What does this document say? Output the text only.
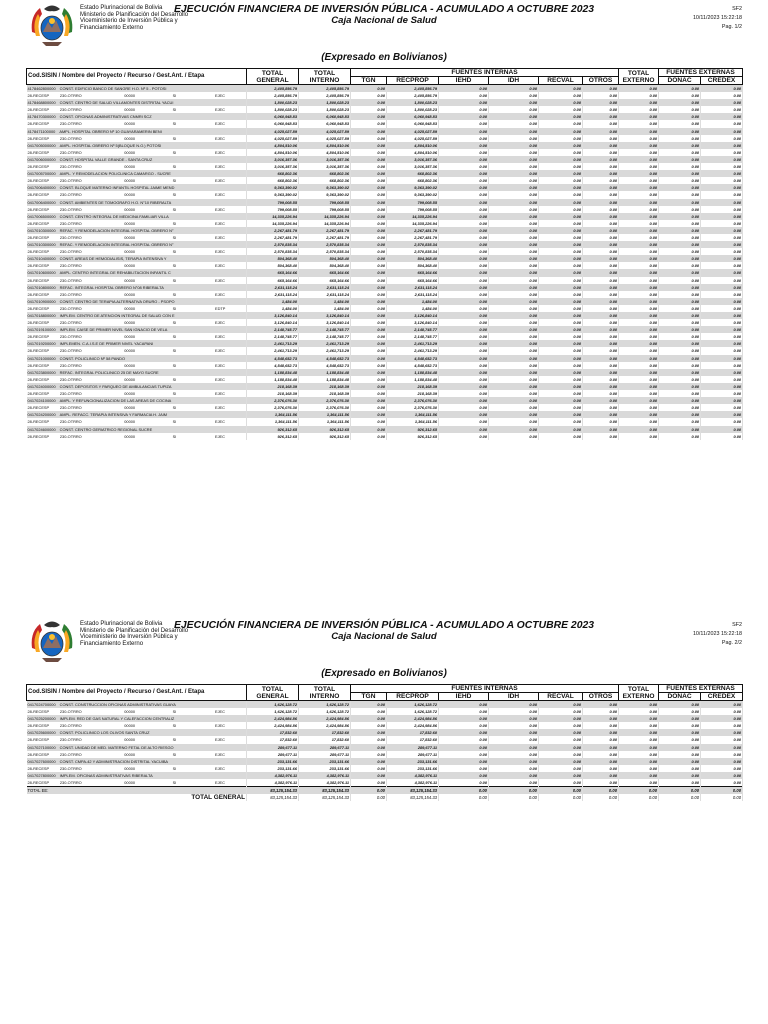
Estado Plurinacional de Bolivia
Ministerio de Planificación del Desarrollo
Viceministerio de Inversión Pública y
Financiamiento Externo
EJECUCIÓN FINANCIERA DE INVERSIÓN PÚBLICA - ACUMULADO A OCTUBRE 2023
Caja Nacional de Salud
SF2
10/11/2023 15:22:18
Pag. 1/2
(Expresado en Bolivianos)
Cod.SISIN / Nombre del Proyecto / Recurso / Gest.Ant. / Etapa	TOTAL GENERAL	TOTAL INTERNO	FUENTES INTERNAS						TOTAL EXTERNO	FUENTES EXTERNAS	
			TGN	RECPROP	IEHD	IDH	RECVAL	OTROS		DONAC	CREDEX
4178462800000 CONST. EDIFICIO BANCO DE SANGRE H.O. Nº 5 - POTOSI	2,405,856.79	2,405,856.79	0.00	2,405,856.79	0.00	0.00	0.00	0.00	0.00	0.00	0.00

28-RECESP 230-OTRRO 00000 SI EJEC	2,405,856.79	2,405,856.79	0.00	2,405,856.79	0.00	0.00	0.00	0.00	0.00	0.00	0.00
4178468800000 CONST. CENTRO DE SALUD VILLAMONTES DISTRITAL YACUI	1,800,028.23	1,800,028.23	0.00	1,800,028.23	0.00	0.00	0.00	0.00	0.00	0.00	0.00

28-RECESP 230-OTRRO 00000 SI EJEC	1,800,028.23	1,800,028.23	0.00	1,800,028.23	0.00	0.00	0.00	0.00	0.00	0.00	0.00
4178470300000 CONST. OFICINAS ADMINISTRATIVAS CNMRI SCZ	6,060,948.83	6,060,948.83	0.00	6,060,948.83	0.00	0.00	0.00	0.00	0.00	0.00	0.00

28-RECESP 230-OTRRO 00000 SI EJEC	6,060,948.83	6,060,948.83	0.00	6,060,948.83	0.00	0.00	0.00	0.00	0.00	0.00	0.00
4178471100000 AMPL. HOSPITAL OBRERO Nº 10 GUAYARAMERIN BENI	4,025,027.89	4,025,027.89	0.00	4,025,027.89	0.00	0.00	0.00	0.00	0.00	0.00	0.00

28-RECESP 230-OTRRO 00000 SI EJEC	4,025,027.89	4,025,027.89	0.00	4,025,027.89	0.00	0.00	0.00	0.00	0.00	0.00	0.00
0417005000000 AMPL. HOSPITAL OBRERO Nº 5(BLOQUE N.O.) POTOSI	4,804,510.06	4,804,510.06	0.00	4,804,510.06	0.00	0.00	0.00	0.00	0.00	0.00	0.00

28-RECESP 230-OTRRO 00000 SI EJEC	4,804,510.06	4,804,510.06	0.00	4,804,510.06	0.00	0.00	0.00	0.00	0.00	0.00	0.00
0417006000000 CONST. HOSPITAL VALLE GRANDE - SANTA CRUZ	3,016,357.36	3,016,357.36	0.00	3,016,357.36	0.00	0.00	0.00	0.00	0.00	0.00	0.00

28-RECESP 230-OTRRO 00000 SI EJEC	3,016,357.36	3,016,357.36	0.00	3,016,357.36	0.00	0.00	0.00	0.00	0.00	0.00	0.00
0417005700000 AMPL. Y REMODELACION POLICLINICA CAMARGO - SUCRE	668,802.36	668,802.36	0.00	668,802.36	0.00	0.00	0.00	0.00	0.00	0.00	0.00

28-RECESP 230-OTRRO 00000 SI EJEC	668,802.36	668,802.36	0.00	668,802.36	0.00	0.00	0.00	0.00	0.00	0.00	0.00
0417006400000 CONST. BLOQUE MATERNO INFANTIL HOSPITAL JAIME MEND	9,363,390.02	9,363,390.02	0.00	9,363,390.02	0.00	0.00	0.00	0.00	0.00	0.00	0.00

28-RECESP 230-OTRRO 00000 SI EJEC	9,363,390.02	9,363,390.02	0.00	9,363,390.02	0.00	0.00	0.00	0.00	0.00	0.00	0.00
0417006400000 CONST. AMBIENTES DE TOMOGRAFO H.O. N°10 RIBERALTA	799,008.55	799,008.55	0.00	799,008.55	0.00	0.00	0.00	0.00	0.00	0.00	0.00

28-RECESP 230-OTRRO 00000 SI EJEC	799,008.55	799,008.55	0.00	799,008.55	0.00	0.00	0.00	0.00	0.00	0.00	0.00
0417006500000 CONST. CENTRO INTEGRAL DE MEDICINA FAMILIAR VILLA	14,335,226.94	14,335,226.94	0.00	14,335,226.94	0.00	0.00	0.00	0.00	0.00	0.00	0.00

28-RECESP 230-OTRRO 00000 SI EJEC	14,335,226.94	14,335,226.94	0.00	14,335,226.94	0.00	0.00	0.00	0.00	0.00	0.00	0.00
0417010300000 REFAC. Y REMODELACION INTEGRAL HOSPITAL OBRERO N°	2,267,481.79	2,267,481.79	0.00	2,267,481.79	0.00	0.00	0.00	0.00	0.00	0.00	0.00

28-RECESP 230-OTRRO 00000 SI EJEC	2,267,481.79	2,267,481.79	0.00	2,267,481.79	0.00	0.00	0.00	0.00	0.00	0.00	0.00
0417010300000 REFAC. Y REMODELACION INTEGRAL HOSPITAL OBRERO N°	2,570,835.34	2,570,835.34	0.00	2,570,835.34	0.00	0.00	0.00	0.00	0.00	0.00	0.00

28-RECESP 230-OTRRO 00000 SI EJEC	2,570,835.34	2,570,835.34	0.00	2,570,835.34	0.00	0.00	0.00	0.00	0.00	0.00	0.00
0417010400000 CONST. AREAS DE HEMODIALISIS, TERAPIA INTENSIVA Y	504,368.40	504,368.40	0.00	504,368.40	0.00	0.00	0.00	0.00	0.00	0.00	0.00

28-RECESP 230-OTRRO 00000 SI EJEC	504,368.40	504,368.40	0.00	504,368.40	0.00	0.00	0.00	0.00	0.00	0.00	0.00
0417010600000 AMPL. CENTRO INTEGRAL DE REHABILITACION INFANTIL C	665,164.66	665,164.66	0.00	665,164.66	0.00	0.00	0.00	0.00	0.00	0.00	0.00

28-RECESP 230-OTRRO 00000 SI EJEC	665,164.66	665,164.66	0.00	665,164.66	0.00	0.00	0.00	0.00	0.00	0.00	0.00
0417010800000 REFAC. INTEGRAL HOSPITAL OBRERO N°08 RIBERALTA	2,631,115.24	2,631,115.24	0.00	2,631,115.24	0.00	0.00	0.00	0.00	0.00	0.00	0.00

28-RECESP 230-OTRRO 00000 SI EJEC	2,631,115.24	2,631,115.24	0.00	2,631,115.24	0.00	0.00	0.00	0.00	0.00	0.00	0.00
0417010900000 CONST. CENTRO DE TERAPIA ALTERNATIVA ORURO - PSOPO	1,484.00	1,484.00	0.00	1,484.00	0.00	0.00	0.00	0.00	0.00	0.00	0.00

28-RECESP 230-OTRRO 00000 SI EDTP	1,484.00	1,484.00	0.00	1,484.00	0.00	0.00	0.00	0.00	0.00	0.00	0.00
0417018800000 IMPLEM. CENTRO DE ATENCION INTEGRAL DE SALUD CON E	3,126,840.14	3,126,840.14	0.00	3,126,840.14	0.00	0.00	0.00	0.00	0.00	0.00	0.00

28-RECESP 230-OTRRO 00000 SI EJEC	3,126,840.14	3,126,840.14	0.00	3,126,840.14	0.00	0.00	0.00	0.00	0.00	0.00	0.00
0417019100000 IMPLEM. CAISE DE PRIMER NIVEL SAN IGNACIO DE VELA	2,148,745.77	2,148,745.77	0.00	2,148,745.77	0.00	0.00	0.00	0.00	0.00	0.00	0.00

28-RECESP 230-OTRRO 00000 SI EJEC	2,148,745.77	2,148,745.77	0.00	2,148,745.77	0.00	0.00	0.00	0.00	0.00	0.00	0.00
0417019200000 IMPLEMEN. C.A.I.S.E DE PRIMER NIVEL YACAPANI	2,461,713.29	2,461,713.29	0.00	2,461,713.29	0.00	0.00	0.00	0.00	0.00	0.00	0.00

28-RECESP 230-OTRRO 00000 SI EJEC	2,461,713.29	2,461,713.29	0.00	2,461,713.29	0.00	0.00	0.00	0.00	0.00	0.00	0.00
0417021000000 CONST. POLICLINICO Nº 58 PANDO	4,548,652.73	4,548,652.73	0.00	4,548,652.73	0.00	0.00	0.00	0.00	0.00	0.00	0.00

28-RECESP 230-OTRRO 00000 SI EJEC	4,548,652.73	4,548,652.73	0.00	4,548,652.73	0.00	0.00	0.00	0.00	0.00	0.00	0.00
0417023800000 REFAC. INTEGRAL POLICLINICO 25 DE MAYO SUCRE	1,188,834.48	1,188,834.48	0.00	1,188,834.48	0.00	0.00	0.00	0.00	0.00	0.00	0.00

28-RECESP 230-OTRRO 00000 SI EJEC	1,188,834.48	1,188,834.48	0.00	1,188,834.48	0.00	0.00	0.00	0.00	0.00	0.00	0.00
0417024000000 CONST. DEPOSITOS Y PARQUEO DE AMBULANCIAS TUPIZA	218,168.39	218,168.39	0.00	218,168.39	0.00	0.00	0.00	0.00	0.00	0.00	0.00

28-RECESP 230-OTRRO 00000 SI EJEC	218,168.39	218,168.39	0.00	218,168.39	0.00	0.00	0.00	0.00	0.00	0.00	0.00
0417024100000 AMPL. Y REFUNCIONALIZACION DE LAS AREAS DE COCINA	2,376,076.30	2,376,076.30	0.00	2,376,076.30	0.00	0.00	0.00	0.00	0.00	0.00	0.00

28-RECESP 230-OTRRO 00000 SI EJEC	2,376,076.30	2,376,076.30	0.00	2,376,076.30	0.00	0.00	0.00	0.00	0.00	0.00	0.00
0417024200000 AMPL. REFACC. TERAPIA INTENSIVA Y FARMACIA H. JAIM	1,364,111.56	1,364,111.56	0.00	1,364,111.56	0.00	0.00	0.00	0.00	0.00	0.00	0.00

28-RECESP 230-OTRRO 00000 SI EJEC	1,364,111.56	1,364,111.56	0.00	1,364,111.56	0.00	0.00	0.00	0.00	0.00	0.00	0.00
0417024600000 CONST. CENTRO GERIATRICO REGIONAL SUCRE	926,312.65	926,312.65	0.00	926,312.65	0.00	0.00	0.00	0.00	0.00	0.00	0.00

28-RECESP 230-OTRRO 00000 SI EJEC	926,312.65	926,312.65	0.00	926,312.65	0.00	0.00	0.00	0.00	0.00	0.00	0.00
Estado Plurinacional de Bolivia
Ministerio de Planificación del Desarrollo
Viceministerio de Inversión Pública y
Financiamiento Externo
EJECUCIÓN FINANCIERA DE INVERSIÓN PÚBLICA - ACUMULADO A OCTUBRE 2023
Caja Nacional de Salud
SF2
10/11/2023 15:22:18
Pag. 2/2
(Expresado en Bolivianos)
Cod.SISIN / Nombre del Proyecto / Recurso / Gest.Ant. / Etapa	TOTAL GENERAL	TOTAL INTERNO	FUENTES INTERNAS						TOTAL EXTERNO	FUENTES EXTERNAS	
			TGN	RECPROP	IEHD	IDH	RECVAL	OTROS		DONAC	CREDEX
0417024700000 CONST. CONSTRUCCION OFICINAS ADMINISTRATIVAS GUAYA	1,626,128.72	1,626,128.72	0.00	1,626,128.72	0.00	0.00	0.00	0.00	0.00	0.00	0.00

28-RECESP 230-OTRRO 00000 SI EJEC	1,626,128.72	1,626,128.72	0.00	1,626,128.72	0.00	0.00	0.00	0.00	0.00	0.00	0.00
0417025200000 IMPLEM. RED DE GAS NATURAL Y CALEFACCION CENTRALIZ	2,424,984.86	2,424,984.86	0.00	2,424,984.86	0.00	0.00	0.00	0.00	0.00	0.00	0.00

28-RECESP 230-OTRRO 00000 SI EJEC	2,424,984.86	2,424,984.86	0.00	2,424,984.86	0.00	0.00	0.00	0.00	0.00	0.00	0.00
0417025600000 CONST. POLICLINICO LOS OLIVOS SANTA CRUZ	17,832.60	17,832.60	0.00	17,832.60	0.00	0.00	0.00	0.00	0.00	0.00	0.00

28-RECESP 230-OTRRO 00000 SI EJEC	17,832.60	17,832.60	0.00	17,832.60	0.00	0.00	0.00	0.00	0.00	0.00	0.00
0417027100000 CONST. UNIDAD DE MED. MATERNO FETAL DE ALTO RIESGO	289,677.11	289,677.11	0.00	289,677.11	0.00	0.00	0.00	0.00	0.00	0.00	0.00

28-RECESP 230-OTRRO 00000 SI EJEC	289,677.11	289,677.11	0.00	289,677.11	0.00	0.00	0.00	0.00	0.00	0.00	0.00
0417027600000 CONST. CMPA-42 Y ADMINISTRACION DISTRITAL YACUIBA	233,131.66	233,131.66	0.00	233,131.66	0.00	0.00	0.00	0.00	0.00	0.00	0.00

28-RECESP 230-OTRRO 00000 SI EJEC	233,131.66	233,131.66	0.00	233,131.66	0.00	0.00	0.00	0.00	0.00	0.00	0.00
0417027800000 IMPLEM. OFICINAS ADMINISTRATIVAS RIBERALTA	4,382,976.11	4,382,976.11	0.00	4,382,976.11	0.00	0.00	0.00	0.00	0.00	0.00	0.00

28-RECESP 230-OTRRO 00000 SI EJEC	4,382,976.11	4,382,976.11	0.00	4,382,976.11	0.00	0.00	0.00	0.00	0.00	0.00	0.00
TOTAL EE:	83,125,154.33	83,125,154.33	0.00	83,125,154.33	0.00	0.00	0.00	0.00	0.00	0.00	0.00
TOTAL GENERAL	83,125,154.33	83,125,154.33	0.00	83,125,154.33	0.00	0.00	0.00	0.00	0.00	0.00	0.00
